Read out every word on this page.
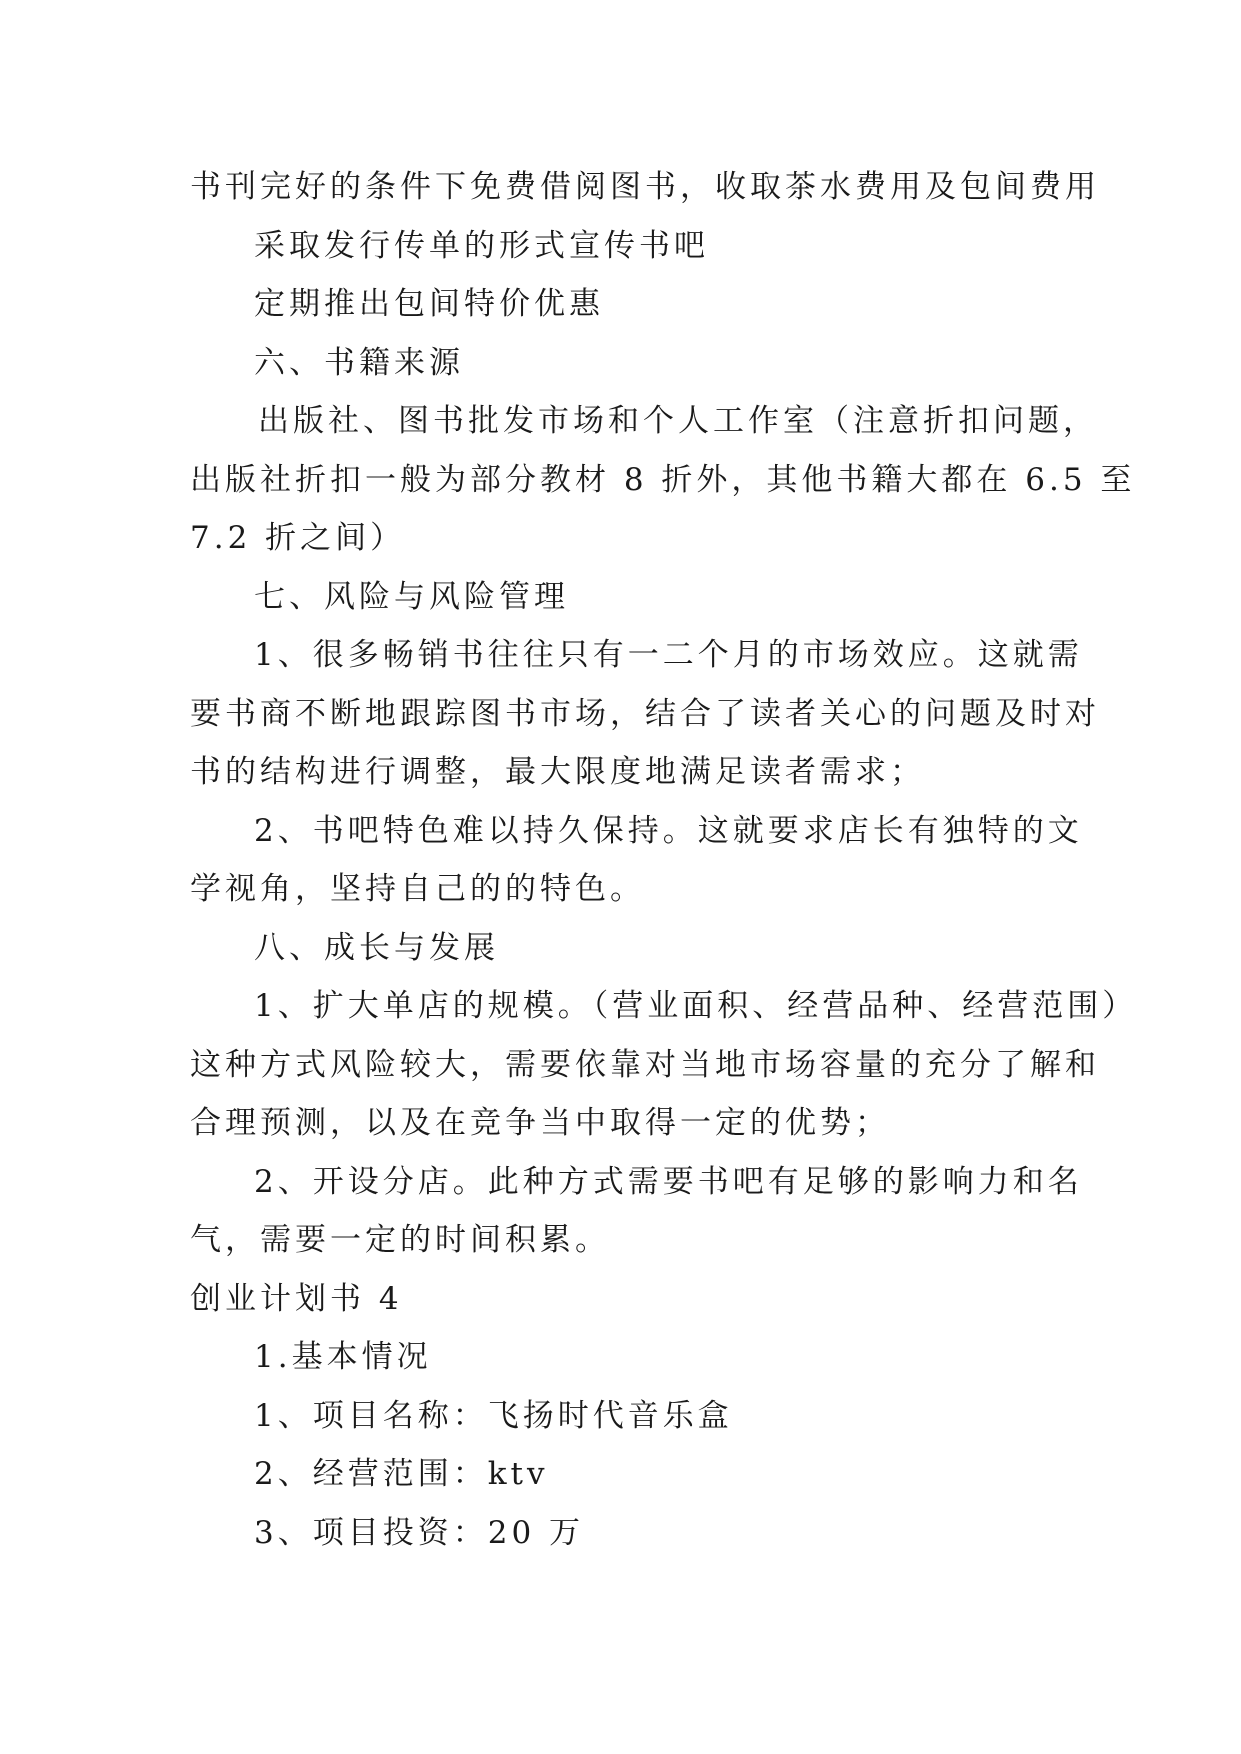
书刊完好的条件下免费借阅图书，收取茶水费用及包间费用
采取发行传单的形式宣传书吧
定期推出包间特价优惠
六、书籍来源
出版社、图书批发市场和个人工作室（注意折扣问题，
出版社折扣一般为部分教材 8 折外，其他书籍大都在 6.5 至
7.2 折之间）
七、风险与风险管理
1、很多畅销书往往只有一二个月的市场效应。这就需
要书商不断地跟踪图书市场，结合了读者关心的问题及时对
书的结构进行调整，最大限度地满足读者需求；
2、书吧特色难以持久保持。这就要求店长有独特的文
学视角，坚持自己的的特色。
八、成长与发展
1、扩大单店的规模。（营业面积、经营品种、经营范围）
这种方式风险较大，需要依靠对当地市场容量的充分了解和
合理预测，以及在竞争当中取得一定的优势；
2、开设分店。此种方式需要书吧有足够的影响力和名
气，需要一定的时间积累。
创业计划书 4
1.基本情况
1、项目名称：飞扬时代音乐盒
2、经营范围：ktv
3、项目投资：20 万
